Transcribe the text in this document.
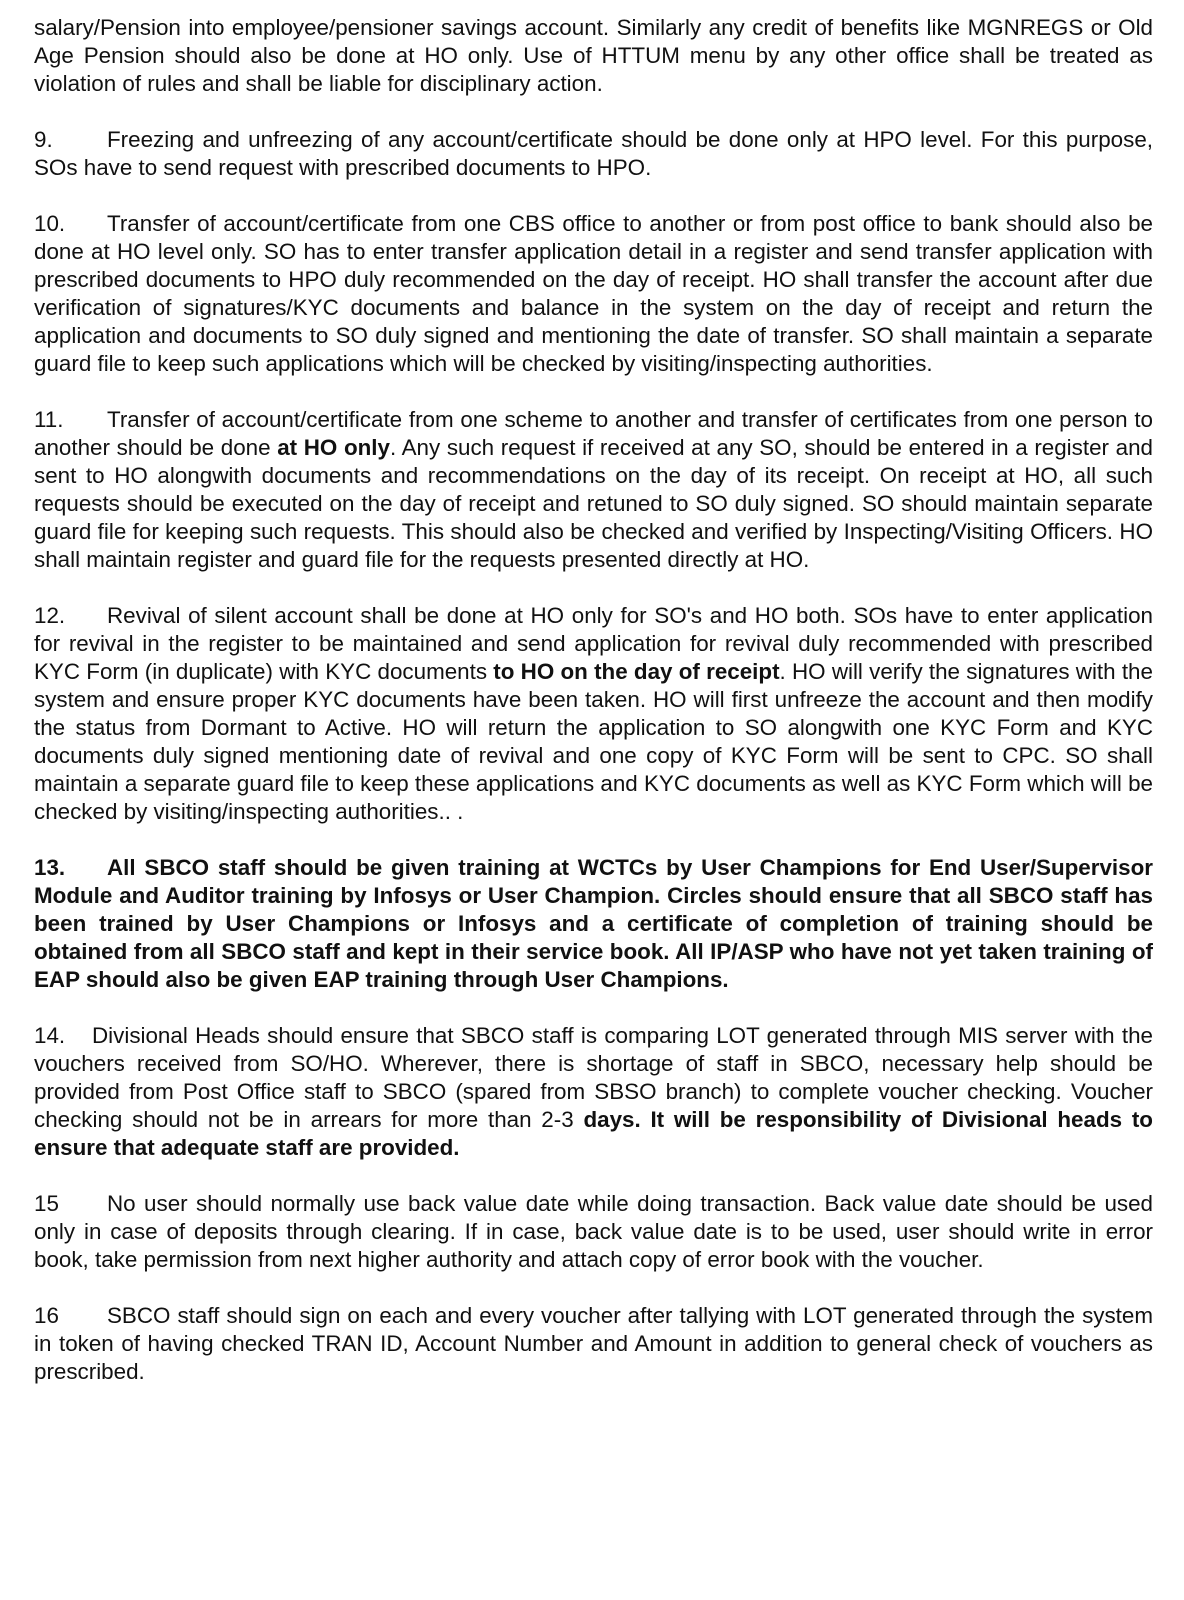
salary/Pension into employee/pensioner savings account. Similarly any credit of benefits like MGNREGS or Old Age Pension should also be done at HO only. Use of HTTUM menu by any other office shall be treated as violation of rules and shall be liable for disciplinary action.

9. Freezing and unfreezing of any account/certificate should be done only at HPO level. For this purpose, SOs have to send request with prescribed documents to HPO.

10. Transfer of account/certificate from one CBS office to another or from post office to bank should also be done at HO level only. SO has to enter transfer application detail in a register and send transfer application with prescribed documents to HPO duly recommended on the day of receipt. HO shall transfer the account after due verification of signatures/KYC documents and balance in the system on the day of receipt and return the application and documents to SO duly signed and mentioning the date of transfer. SO shall maintain a separate guard file to keep such applications which will be checked by visiting/inspecting authorities.

11. Transfer of account/certificate from one scheme to another and transfer of certificates from one person to another should be done at HO only. Any such request if received at any SO, should be entered in a register and sent to HO alongwith documents and recommendations on the day of its receipt. On receipt at HO, all such requests should be executed on the day of receipt and retuned to SO duly signed. SO should maintain separate guard file for keeping such requests. This should also be checked and verified by Inspecting/Visiting Officers. HO shall maintain register and guard file for the requests presented directly at HO.

12. Revival of silent account shall be done at HO only for SO's and HO both. SOs have to enter application for revival in the register to be maintained and send application for revival duly recommended with prescribed KYC Form (in duplicate) with KYC documents to HO on the day of receipt. HO will verify the signatures with the system and ensure proper KYC documents have been taken. HO will first unfreeze the account and then modify the status from Dormant to Active. HO will return the application to SO alongwith one KYC Form and KYC documents duly signed mentioning date of revival and one copy of KYC Form will be sent to CPC. SO shall maintain a separate guard file to keep these applications and KYC documents as well as KYC Form which will be checked by visiting/inspecting authorities.. .

13. All SBCO staff should be given training at WCTCs by User Champions for End User/Supervisor Module and Auditor training by Infosys or User Champion. Circles should ensure that all SBCO staff has been trained by User Champions or Infosys and a certificate of completion of training should be obtained from all SBCO staff and kept in their service book. All IP/ASP who have not yet taken training of EAP should also be given EAP training through User Champions.

14. Divisional Heads should ensure that SBCO staff is comparing LOT generated through MIS server with the vouchers received from SO/HO. Wherever, there is shortage of staff in SBCO, necessary help should be provided from Post Office staff to SBCO (spared from SBSO branch) to complete voucher checking. Voucher checking should not be in arrears for more than 2-3 days. It will be responsibility of Divisional heads to ensure that adequate staff are provided.

15 No user should normally use back value date while doing transaction. Back value date should be used only in case of deposits through clearing. If in case, back value date is to be used, user should write in error book, take permission from next higher authority and attach copy of error book with the voucher.

16 SBCO staff should sign on each and every voucher after tallying with LOT generated through the system in token of having checked TRAN ID, Account Number and Amount in addition to general check of vouchers as prescribed.
